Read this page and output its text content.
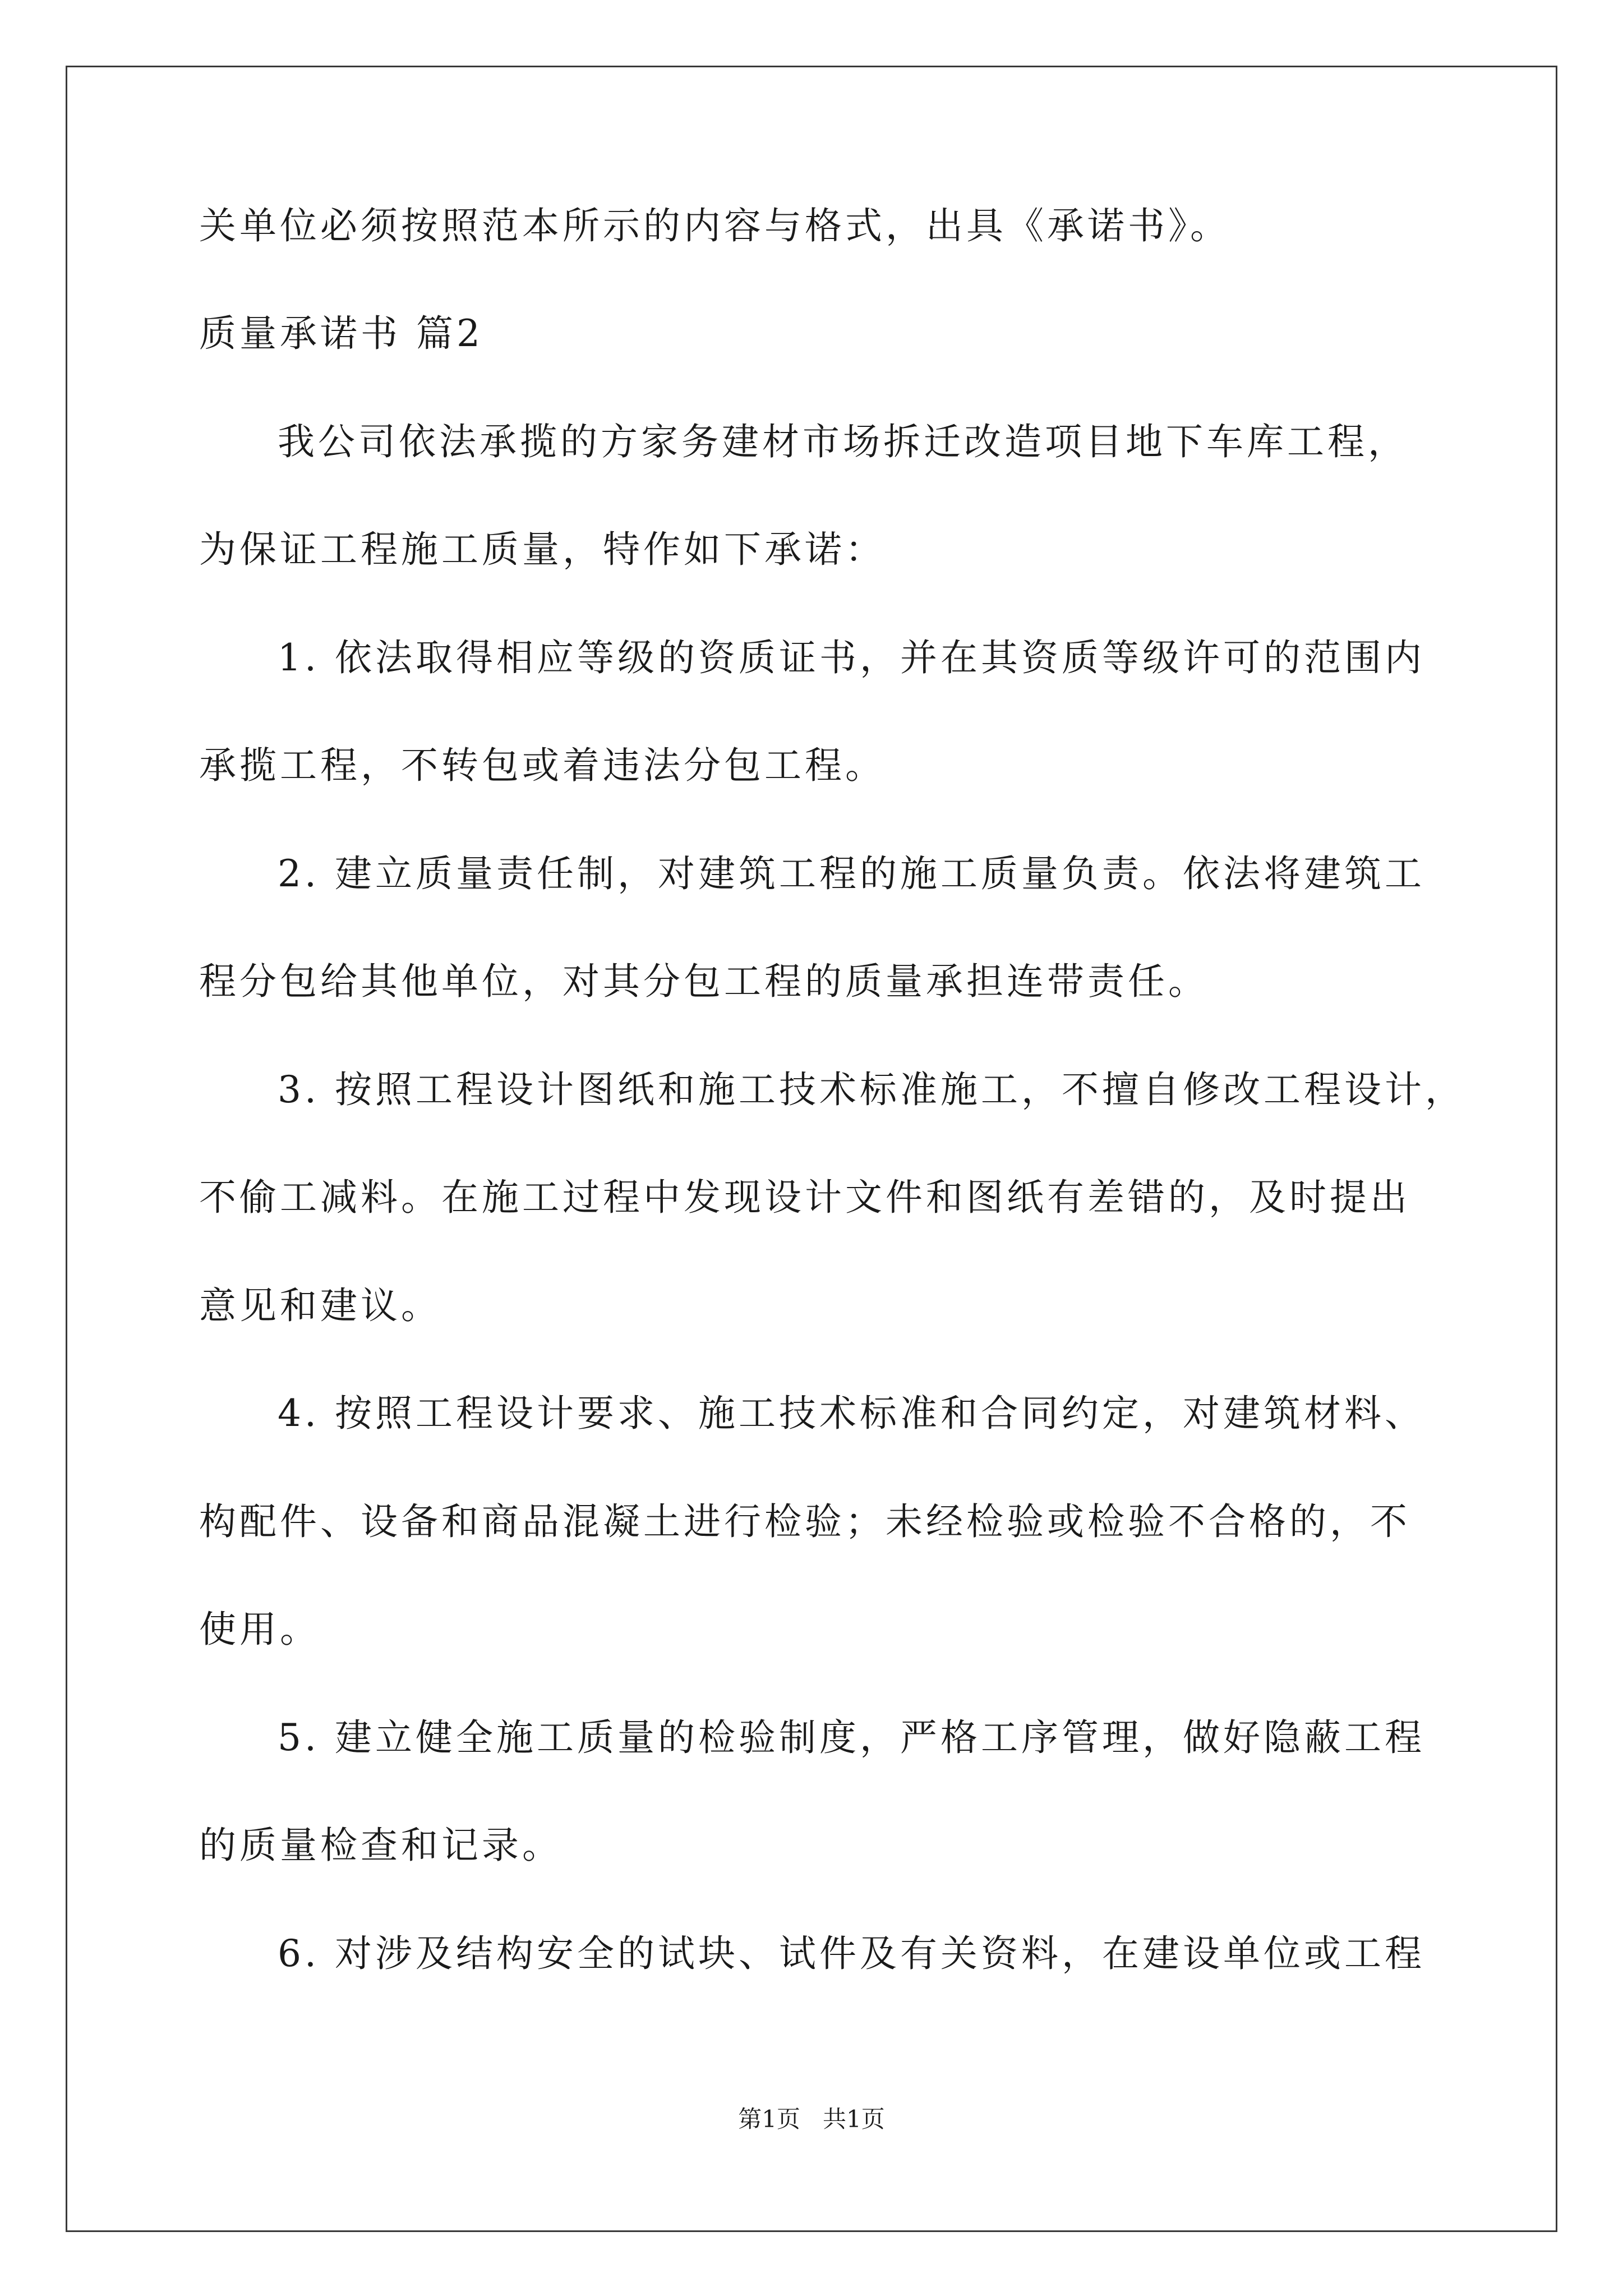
关单位必须按照范本所示的内容与格式，出具《承诺书》。
质量承诺书 篇2
我公司依法承揽的方家务建材市场拆迁改造项目地下车库工程，
为保证工程施工质量，特作如下承诺：
1. 依法取得相应等级的资质证书，并在其资质等级许可的范围内
承揽工程，不转包或着违法分包工程。
2. 建立质量责任制，对建筑工程的施工质量负责。依法将建筑工
程分包给其他单位，对其分包工程的质量承担连带责任。
3. 按照工程设计图纸和施工技术标准施工，不擅自修改工程设计，
不偷工减料。在施工过程中发现设计文件和图纸有差错的，及时提出
意见和建议。
4. 按照工程设计要求、施工技术标准和合同约定，对建筑材料、
构配件、设备和商品混凝土进行检验；未经检验或检验不合格的，不
使用。
5. 建立健全施工质量的检验制度，严格工序管理，做好隐蔽工程
的质量检查和记录。
6. 对涉及结构安全的试块、试件及有关资料，在建设单位或工程
第1页 共1页
